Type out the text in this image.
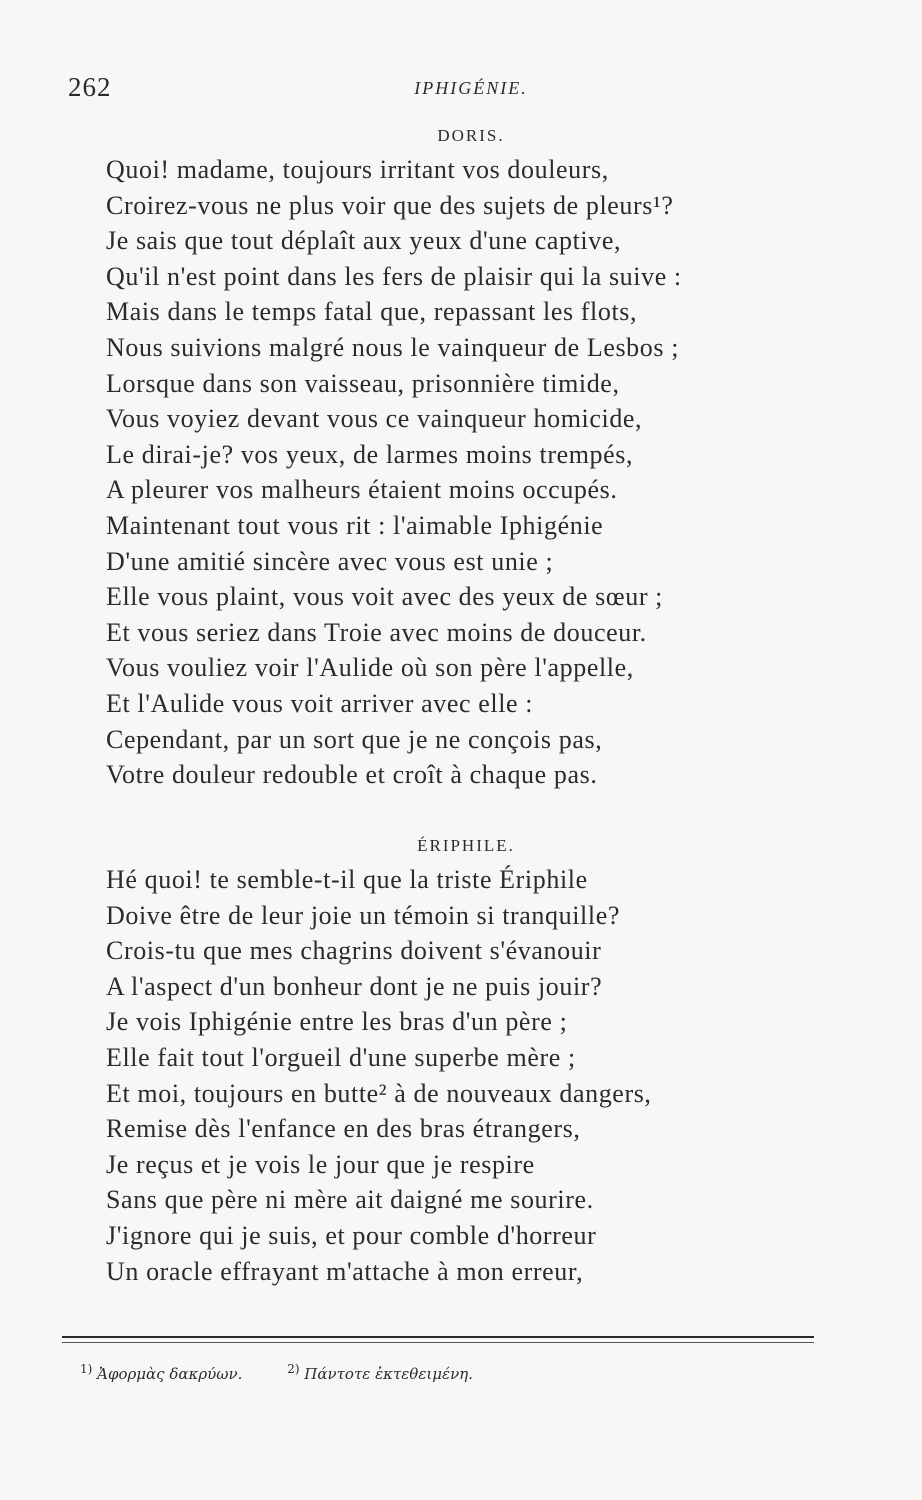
262	IPHIGÉNIE.
DORIS.
Quoi! madame, toujours irritant vos douleurs,
Croirez-vous ne plus voir que des sujets de pleurs¹?
Je sais que tout déplaît aux yeux d'une captive,
Qu'il n'est point dans les fers de plaisir qui la suive :
Mais dans le temps fatal que, repassant les flots,
Nous suivions malgré nous le vainqueur de Lesbos ;
Lorsque dans son vaisseau, prisonnière timide,
Vous voyiez devant vous ce vainqueur homicide,
Le dirai-je? vos yeux, de larmes moins trempés,
A pleurer vos malheurs étaient moins occupés.
Maintenant tout vous rit : l'aimable Iphigénie
D'une amitié sincère avec vous est unie ;
Elle vous plaint, vous voit avec des yeux de sœur ;
Et vous seriez dans Troie avec moins de douceur.
Vous vouliez voir l'Aulide où son père l'appelle,
Et l'Aulide vous voit arriver avec elle :
Cependant, par un sort que je ne conçois pas,
Votre douleur redouble et croît à chaque pas.
ÉRIPHILE.
Hé quoi! te semble-t-il que la triste Ériphile
Doive être de leur joie un témoin si tranquille?
Crois-tu que mes chagrins doivent s'évanouir
A l'aspect d'un bonheur dont je ne puis jouir?
Je vois Iphigénie entre les bras d'un père ;
Elle fait tout l'orgueil d'une superbe mère ;
Et moi, toujours en butte² à de nouveaux dangers,
Remise dès l'enfance en des bras étrangers,
Je reçus et je vois le jour que je respire
Sans que père ni mère ait daigné me sourire.
J'ignore qui je suis, et pour comble d'horreur
Un oracle effrayant m'attache à mon erreur,
$^{1)}$ Ἀφορμὰς δακρύων.	$^{2)}$ Πάντοτε ἐκτεθειμένη.
